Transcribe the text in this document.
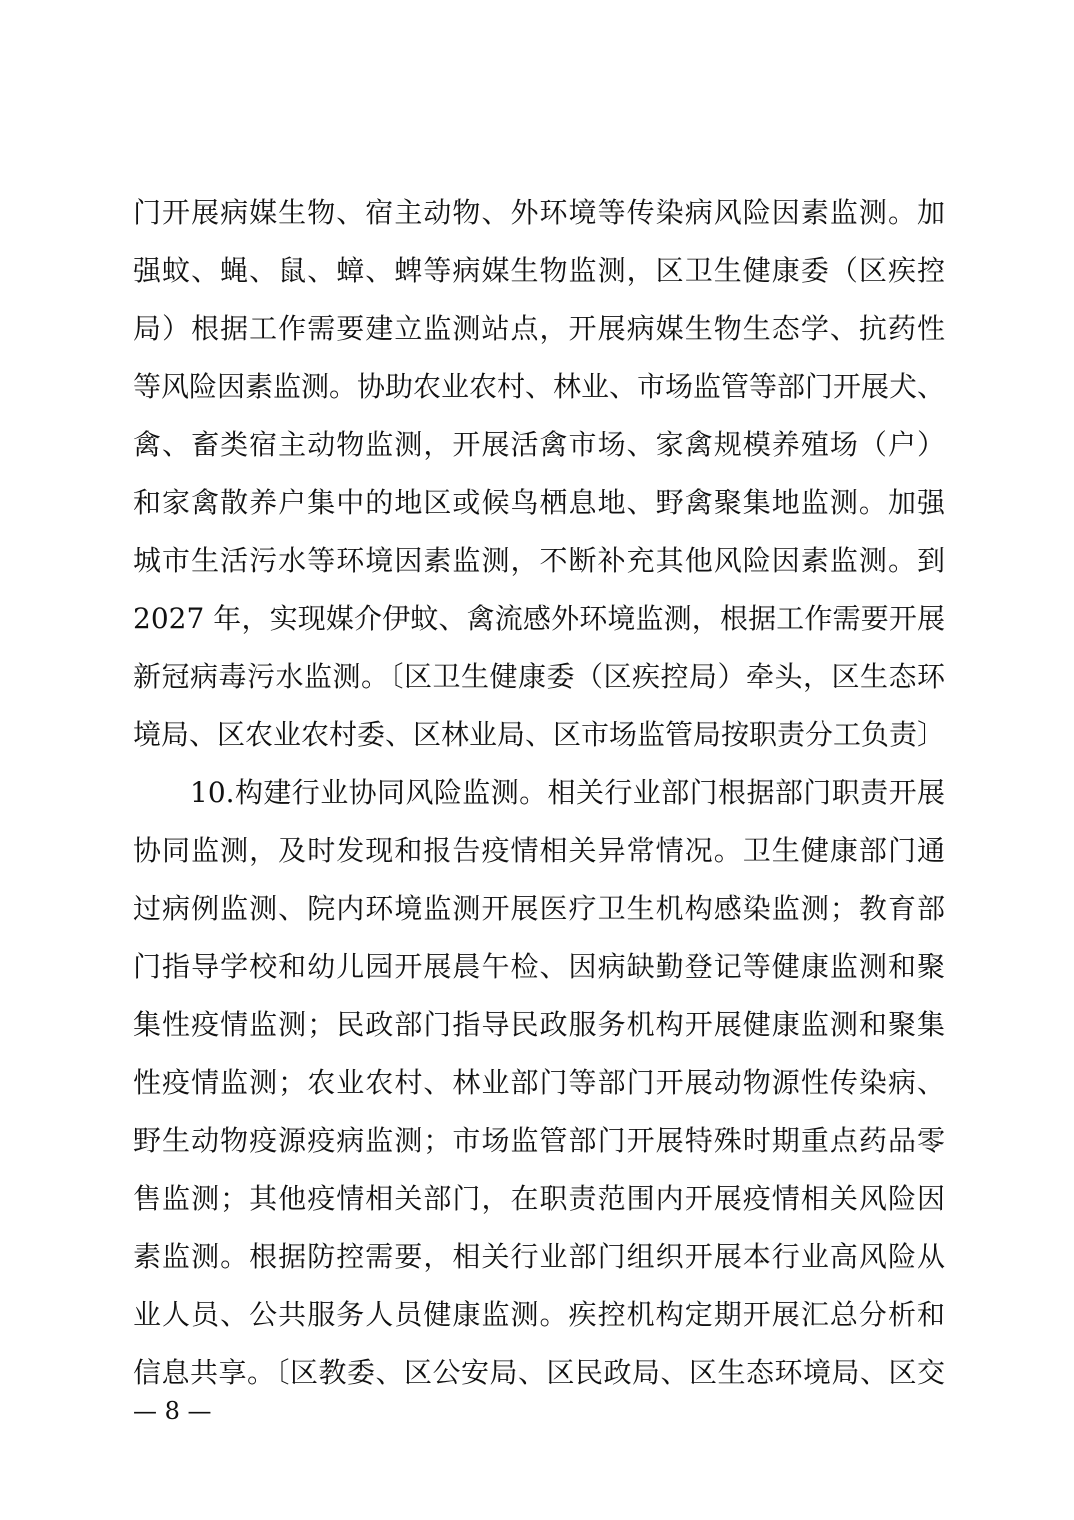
门开展病媒生物、宿主动物、外环境等传染病风险因素监测。加
强蚊、蝇、鼠、蟑、蜱等病媒生物监测，区卫生健康委（区疾控
局）根据工作需要建立监测站点，开展病媒生物生态学、抗药性
等风险因素监测。协助农业农村、林业、市场监管等部门开展犬、
禽、畜类宿主动物监测，开展活禽市场、家禽规模养殖场（户）
和家禽散养户集中的地区或候鸟栖息地、野禽聚集地监测。加强
城市生活污水等环境因素监测，不断补充其他风险因素监测。到
2027 年，实现媒介伊蚊、禽流感外环境监测，根据工作需要开展
新冠病毒污水监测。〔区卫生健康委（区疾控局）牵头，区生态环
境局、区农业农村委、区林业局、区市场监管局按职责分工负责〕
10.构建行业协同风险监测。相关行业部门根据部门职责开展
协同监测，及时发现和报告疫情相关异常情况。卫生健康部门通
过病例监测、院内环境监测开展医疗卫生机构感染监测；教育部
门指导学校和幼儿园开展晨午检、因病缺勤登记等健康监测和聚
集性疫情监测；民政部门指导民政服务机构开展健康监测和聚集
性疫情监测；农业农村、林业部门等部门开展动物源性传染病、
野生动物疫源疫病监测；市场监管部门开展特殊时期重点药品零
售监测；其他疫情相关部门，在职责范围内开展疫情相关风险因
素监测。根据防控需要，相关行业部门组织开展本行业高风险从
业人员、公共服务人员健康监测。疾控机构定期开展汇总分析和
信息共享。〔区教委、区公安局、区民政局、区生态环境局、区交
— 8 —
